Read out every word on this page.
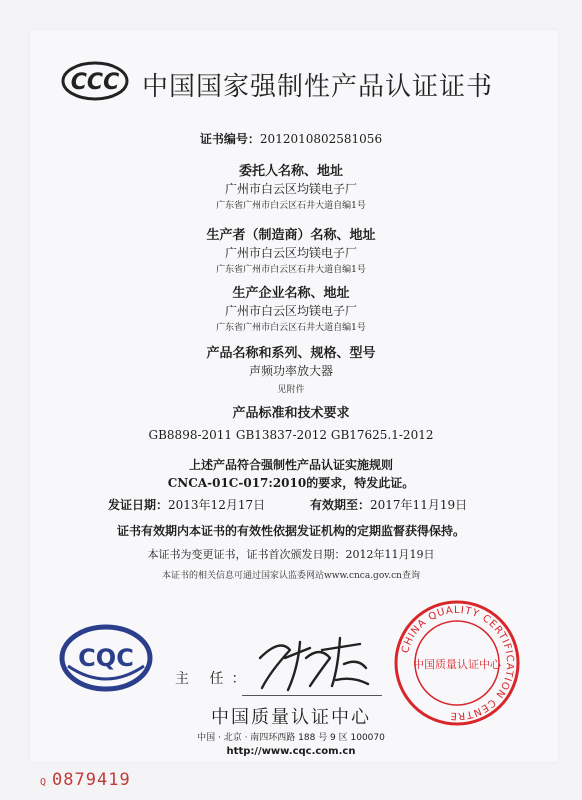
CCC 中国国家强制性产品认证证书
证书编号：2012010802581056
委托人名称、地址
广州市白云区均镁电子厂
广东省广州市白云区石井大道自编1号
生产者（制造商）名称、地址
广州市白云区均镁电子厂
广东省广州市白云区石井大道自编1号
生产企业名称、地址
广州市白云区均镁电子厂
广东省广州市白云区石井大道自编1号
产品名称和系列、规格、型号
声频功率放大器
见附件
产品标准和技术要求
GB8898-2011 GB13837-2012 GB17625.1-2012
上述产品符合强制性产品认证实施规则
CNCA-01C-017:2010的要求，特发此证。
发证日期：2013年12月17日	有效期至：2017年11月19日
证书有效期内本证书的有效性依据发证机构的定期监督获得保持。
本证书为变更证书，证书首次颁发日期：2012年11月19日
本证书的相关信息可通过国家认监委网站www.cnca.gov.cn查询
CQC
主 任：
中国质量认证中心
中国 · 北京 · 南四环西路 188 号 9 区 100070
http://www.cqc.com.cn
CHINA QUALITY CERTIFICATION CENTRE
中国质量认证中心
Q 0879419
